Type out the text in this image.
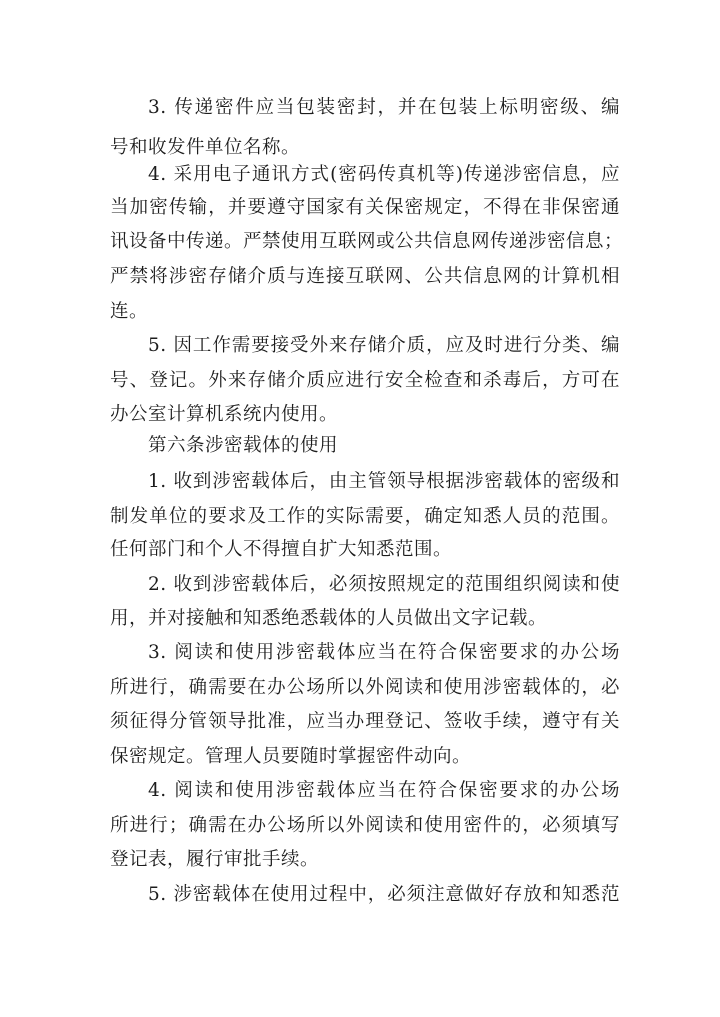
3. 传递密件应当包装密封，并在包装上标明密级、编
号和收发件单位名称。
4. 采用电子通讯方式(密码传真机等)传递涉密信息，应
当加密传输，并要遵守国家有关保密规定，不得在非保密通
讯设备中传递。严禁使用互联网或公共信息网传递涉密信息；
严禁将涉密存储介质与连接互联网、公共信息网的计算机相
连。
5. 因工作需要接受外来存储介质，应及时进行分类、编
号、登记。外来存储介质应进行安全检查和杀毒后，方可在
办公室计算机系统内使用。
第六条涉密载体的使用
1. 收到涉密载体后，由主管领导根据涉密载体的密级和
制发单位的要求及工作的实际需要，确定知悉人员的范围。
任何部门和个人不得擅自扩大知悉范围。
2. 收到涉密载体后，必须按照规定的范围组织阅读和使
用，并对接触和知悉绝悉载体的人员做出文字记载。
3. 阅读和使用涉密载体应当在符合保密要求的办公场
所进行，确需要在办公场所以外阅读和使用涉密载体的，必
须征得分管领导批准，应当办理登记、签收手续，遵守有关
保密规定。管理人员要随时掌握密件动向。
4. 阅读和使用涉密载体应当在符合保密要求的办公场
所进行；确需在办公场所以外阅读和使用密件的，必须填写
登记表，履行审批手续。
5. 涉密载体在使用过程中，必须注意做好存放和知悉范
